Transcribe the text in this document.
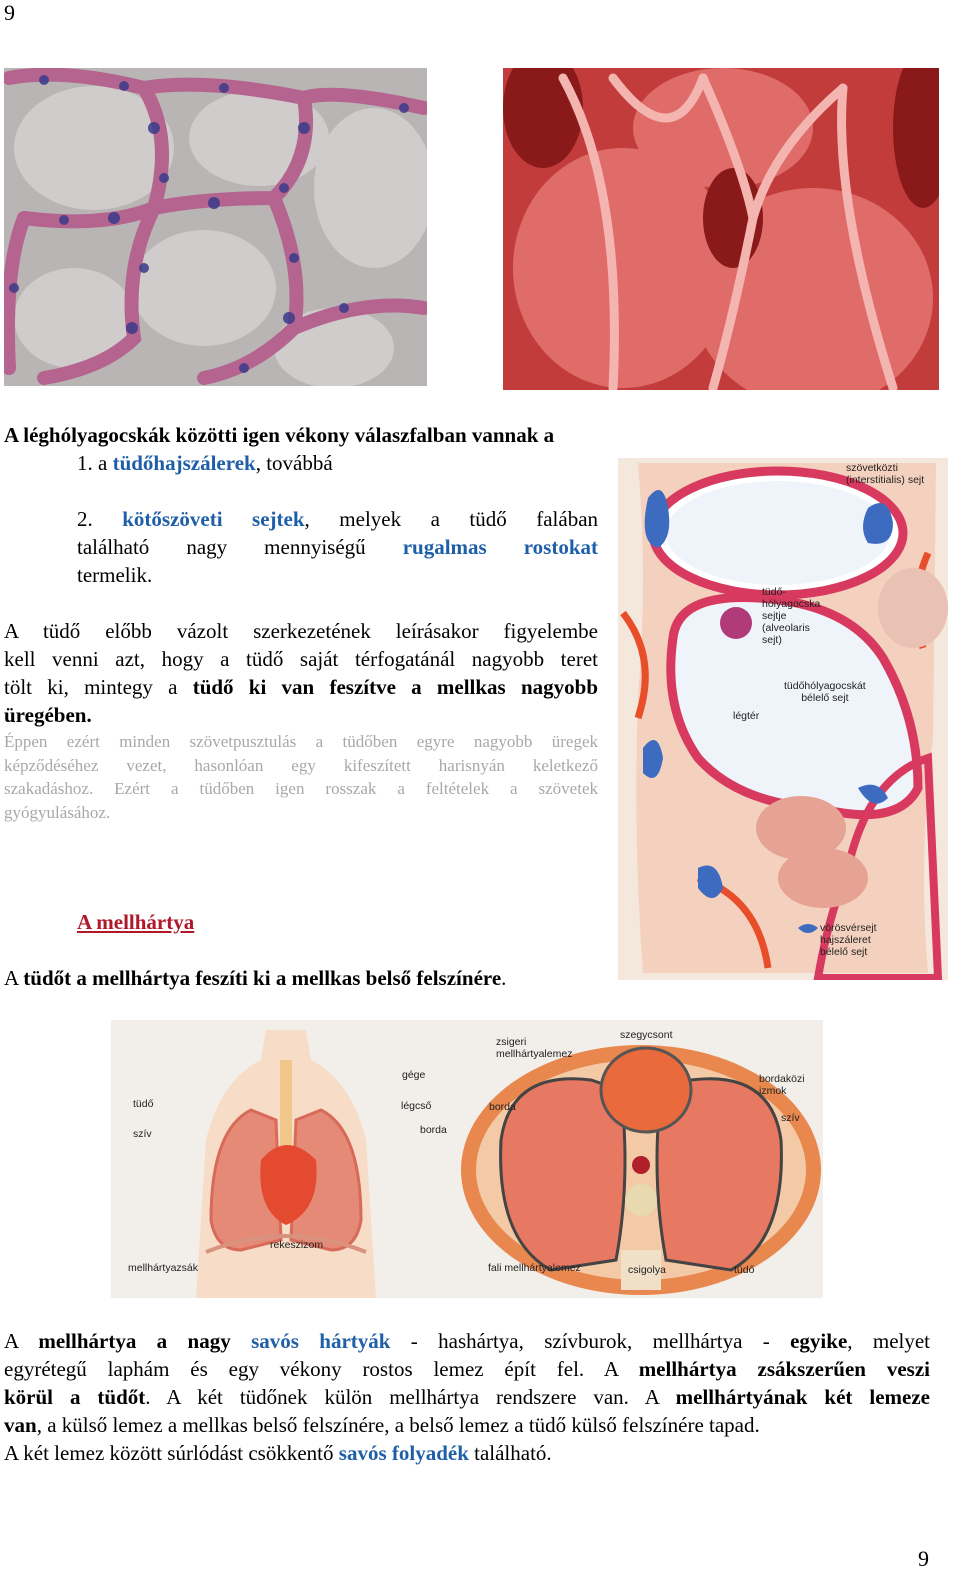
9
A léghólyagocskák közötti igen vékony válaszfalban vannak a
1. a tüdőhajszálerek, továbbá
2. kötőszöveti sejtek, melyek a tüdő falában
található nagy mennyiségű rugalmas rostokat
termelik.
A tüdő előbb vázolt szerkezetének leírásakor figyelembe
kell venni azt, hogy a tüdő saját térfogatánál nagyobb teret
tölt ki, mintegy a tüdő ki van feszítve a mellkas nagyobb
üregében.
Éppen ezért minden szövetpusztulás a tüdőben egyre nagyobb üregek
képződéséhez vezet, hasonlóan egy kifeszített harisnyán keletkező
szakadáshoz. Ezért a tüdőben igen rosszak a feltételek a szövetek
gyógyulásához.
szövetközti
(interstitialis) sejt
tüdő-
hólyagocska
sejtje
(alveolaris
sejt)
tüdőhólyagocskát
bélelő sejt
légtér
vörösvérsejt
hajszáleret
bélelő sejt
A mellhártya
A tüdőt a mellhártya feszíti ki a mellkas belső felszínére.
gége
tüdő	légcső
szív	borda
rekeszizom
mellhártyazsák
zsigeri
mellhártyalemez
szegycsont
bordaközi
izmok
borda
szív
fali mellhártyalemez	csigolya	tüdő
A mellhártya a nagy savós hártyák - hashártya, szívburok, mellhártya - egyike, melyet
egyrétegű laphám és egy vékony rostos lemez épít fel. A mellhártya zsákszerűen veszi
körül a tüdőt. A két tüdőnek külön mellhártya rendszere van. A mellhártyának két lemeze
van, a külső lemez a mellkas belső felszínére, a belső lemez a tüdő külső felszínére tapad.
A két lemez között súrlódást csökkentő savós folyadék található.
9
